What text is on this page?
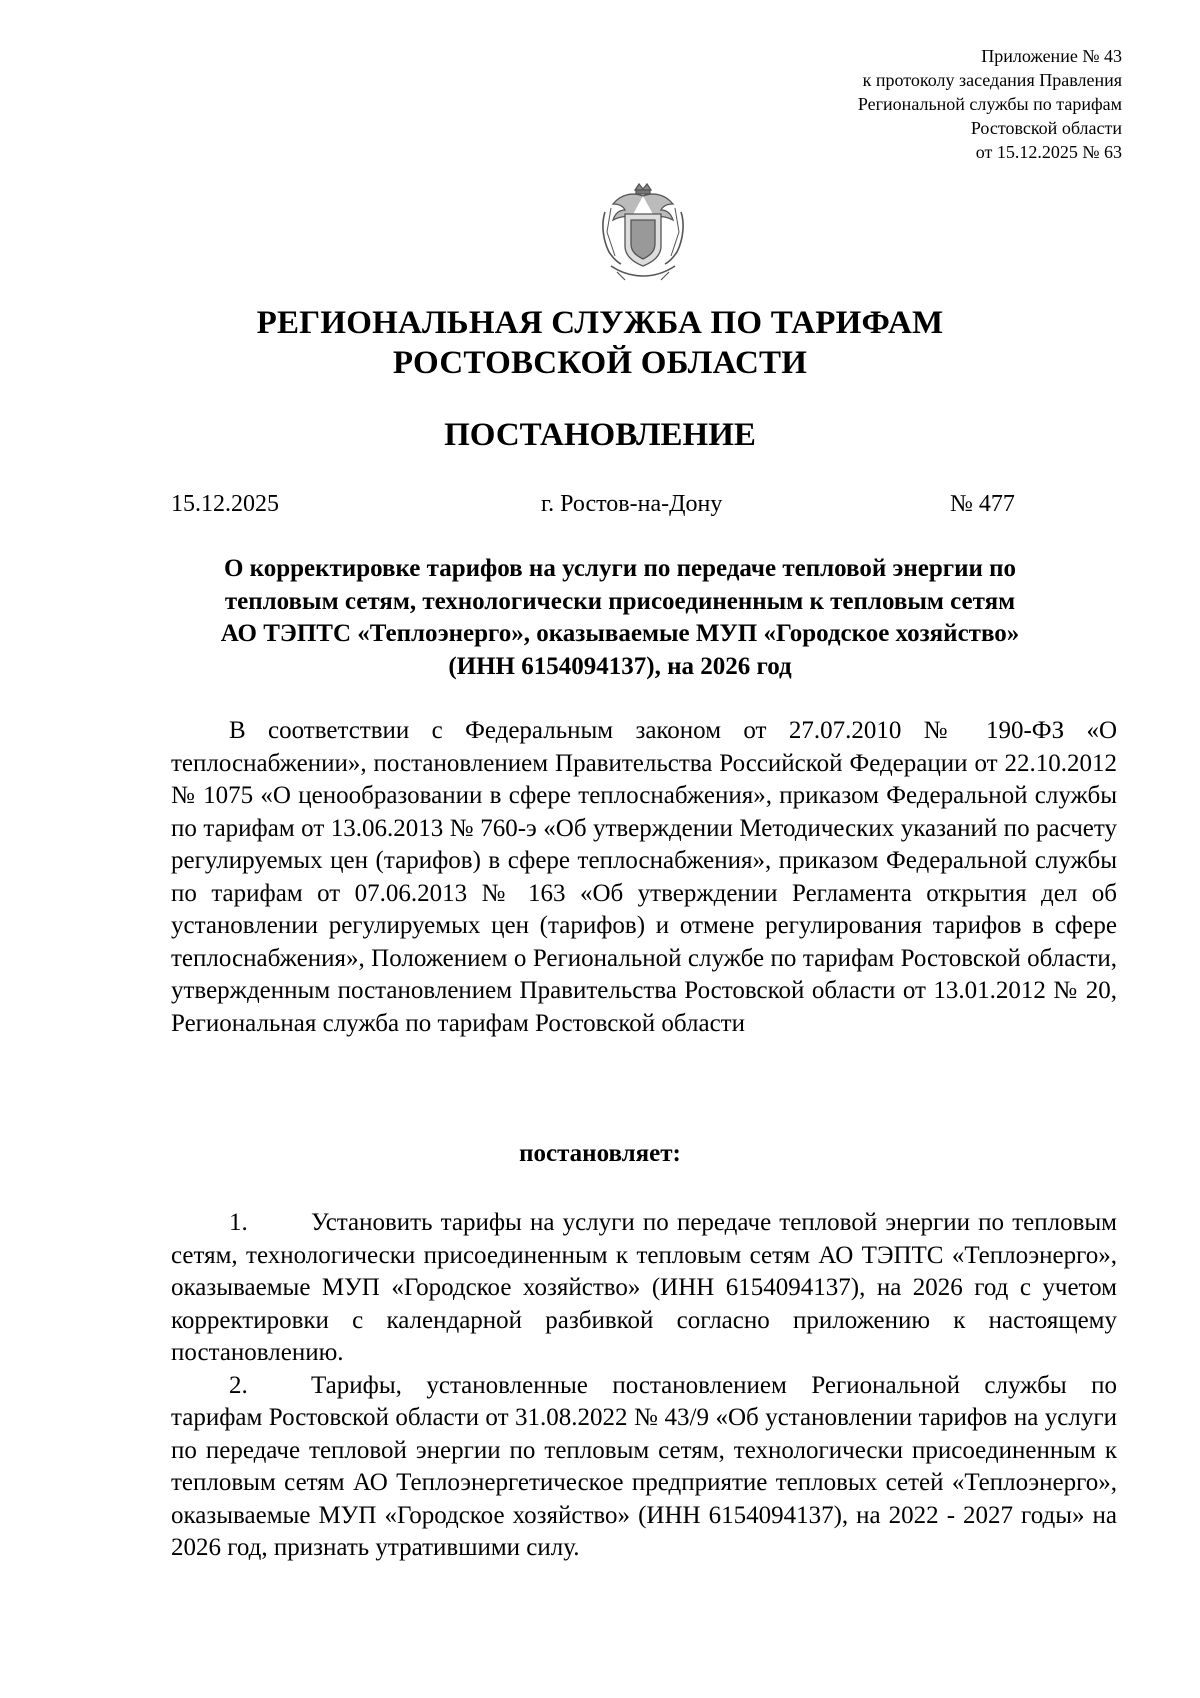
Приложение № 43
к протоколу заседания Правления
Региональной службы по тарифам
Ростовской области
от 15.12.2025 № 63
РЕГИОНАЛЬНАЯ СЛУЖБА ПО ТАРИФАМ
РОСТОВСКОЙ ОБЛАСТИ
ПОСТАНОВЛЕНИЕ
15.12.2025	г. Ростов-на-Дону	№ 477
О корректировке тарифов на услуги по передаче тепловой энергии по
тепловым сетям, технологически присоединенным к тепловым сетям
АО ТЭПТС «Теплоэнерго», оказываемые МУП «Городское хозяйство»
(ИНН 6154094137), на 2026 год
В соответствии с Федеральным законом от 27.07.2010 № 190-ФЗ «О теплоснабжении», постановлением Правительства Российской Федерации от 22.10.2012 № 1075 «О ценообразовании в сфере теплоснабжения», приказом Федеральной службы по тарифам от 13.06.2013 № 760-э «Об утверждении Методических указаний по расчету регулируемых цен (тарифов) в сфере теплоснабжения», приказом Федеральной службы по тарифам от 07.06.2013 № 163 «Об утверждении Регламента открытия дел об установлении регулируемых цен (тарифов) и отмене регулирования тарифов в сфере теплоснабжения», Положением о Региональной службе по тарифам Ростовской области, утвержденным постановлением Правительства Ростовской области от 13.01.2012 № 20, Региональная служба по тарифам Ростовской области
постановляет:

1.	Установить тарифы на услуги по передаче тепловой энергии по тепловым сетям, технологически присоединенным к тепловым сетям АО ТЭПТС «Теплоэнерго», оказываемые МУП «Городское хозяйство» (ИНН 6154094137), на 2026 год с учетом корректировки с календарной разбивкой согласно приложению к настоящему постановлению.

2.	Тарифы, установленные постановлением Региональной службы по тарифам Ростовской области от 31.08.2022 № 43/9 «Об установлении тарифов на услуги по передаче тепловой энергии по тепловым сетям, технологически присоединенным к тепловым сетям АО Теплоэнергетическое предприятие тепловых сетей «Теплоэнерго», оказываемые МУП «Городское хозяйство» (ИНН 6154094137), на 2022 - 2027 годы» на 2026 год, признать утратившими силу.
